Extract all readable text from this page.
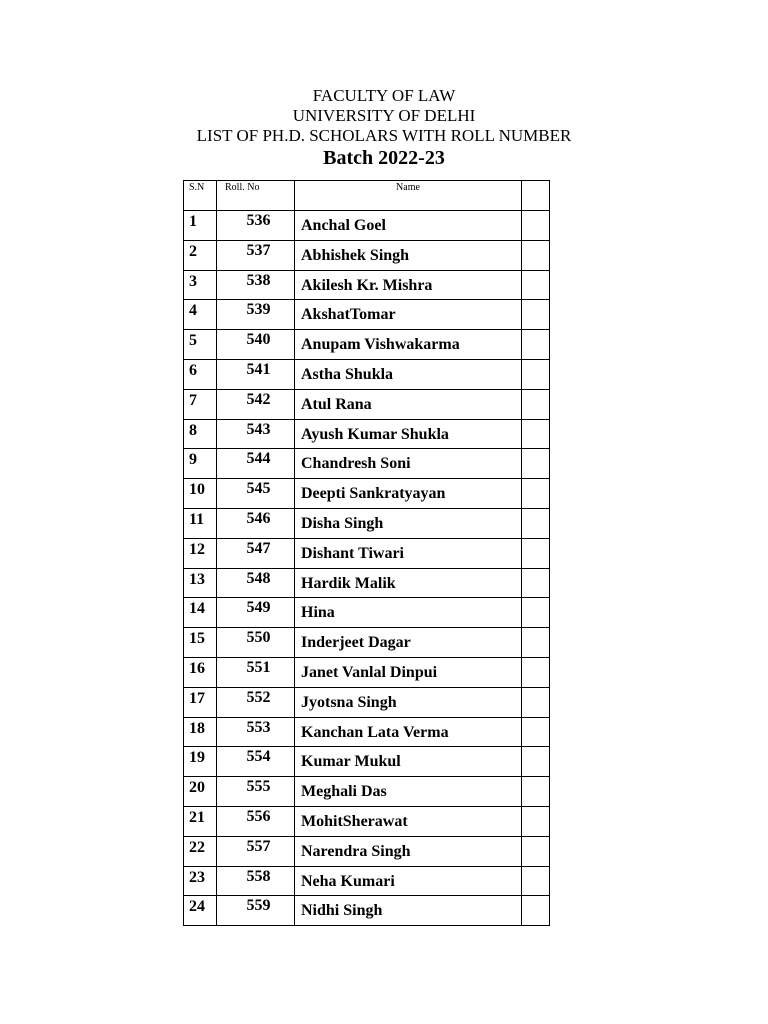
FACULTY OF LAW
UNIVERSITY OF DELHI
LIST OF PH.D. SCHOLARS WITH ROLL NUMBER
Batch 2022-23
S.N	Roll. No	Name	
1	536	Anchal Goel	
2	537	Abhishek Singh	
3	538	Akilesh Kr. Mishra	
4	539	AkshatTomar	
5	540	Anupam Vishwakarma	
6	541	Astha Shukla	
7	542	Atul Rana	
8	543	Ayush Kumar Shukla	
9	544	Chandresh Soni	
10	545	Deepti Sankratyayan	
11	546	Disha Singh	
12	547	Dishant Tiwari	
13	548	Hardik Malik	
14	549	Hina	
15	550	Inderjeet Dagar	
16	551	Janet Vanlal Dinpui	
17	552	Jyotsna Singh	
18	553	Kanchan Lata Verma	
19	554	Kumar Mukul	
20	555	Meghali Das	
21	556	MohitSherawat	
22	557	Narendra Singh	
23	558	Neha Kumari	
24	559	Nidhi Singh	
